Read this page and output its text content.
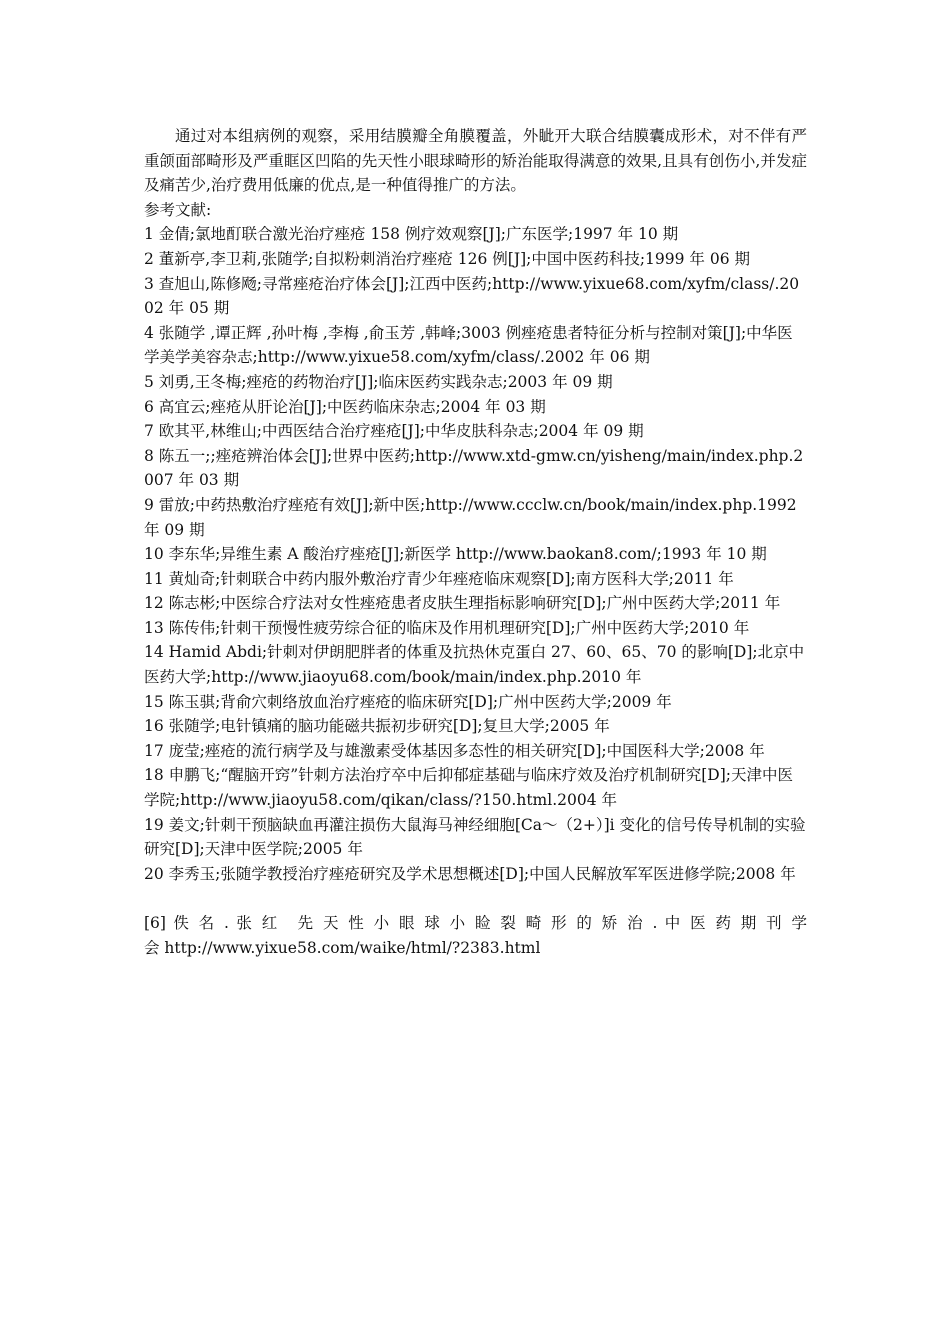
通过对本组病例的观察，采用结膜瓣全角膜覆盖，外眦开大联合结膜囊成形术，对不伴有严重颌面部畸形及严重眶区凹陷的先天性小眼球畸形的矫治能取得满意的效果,且具有创伤小,并发症及痛苦少,治疗费用低廉的优点,是一种值得推广的方法。

参考文献:

1 金倩;氯地酊联合激光治疗痤疮 158 例疗效观察[J];广东医学;1997 年 10 期

2 董新亭,李卫莉,张随学;自拟粉刺消治疗痤疮 126 例[J];中国中医药科技;1999 年 06 期

3 查旭山,陈修飏;寻常痤疮治疗体会[J];江西中医药;http://www.yixue68.com/xyfm/class/.2002 年 05 期

4 张随学 ,谭正辉 ,孙叶梅 ,李梅 ,俞玉芳 ,韩峰;3003 例痤疮患者特征分析与控制对策[J];中华医学美学美容杂志;http://www.yixue58.com/xyfm/class/.2002 年 06 期

5 刘勇,王冬梅;痤疮的药物治疗[J];临床医药实践杂志;2003 年 09 期

6 高宜云;痤疮从肝论治[J];中医药临床杂志;2004 年 03 期

7 欧其平,林维山;中西医结合治疗痤疮[J];中华皮肤科杂志;2004 年 09 期

8 陈五一;;痤疮辨治体会[J];世界中医药;http://www.xtd-gmw.cn/yisheng/main/index.php.2007 年 03 期

9 雷放;中药热敷治疗痤疮有效[J];新中医;http://www.ccclw.cn/book/main/index.php.1992 年 09 期

10 李东华;异维生素 A 酸治疗痤疮[J];新医学 http://www.baokan8.com/;1993 年 10 期

11 黄灿奇;针刺联合中药内服外敷治疗青少年痤疮临床观察[D];南方医科大学;2011 年

12 陈志彬;中医综合疗法对女性痤疮患者皮肤生理指标影响研究[D];广州中医药大学;2011 年

13 陈传伟;针刺干预慢性疲劳综合征的临床及作用机理研究[D];广州中医药大学;2010 年

14 Hamid Abdi;针刺对伊朗肥胖者的体重及抗热休克蛋白 27、60、65、70 的影响[D];北京中医药大学;http://www.jiaoyu68.com/book/main/index.php.2010 年

15 陈玉骐;背俞穴刺络放血治疗痤疮的临床研究[D];广州中医药大学;2009 年

16 张随学;电针镇痛的脑功能磁共振初步研究[D];复旦大学;2005 年

17 庞莹;痤疮的流行病学及与雄激素受体基因多态性的相关研究[D];中国医科大学;2008 年

18 申鹏飞;“醒脑开窍”针刺方法治疗卒中后抑郁症基础与临床疗效及治疗机制研究[D];天津中医学院;http://www.jiaoyu58.com/qikan/class/?150.html.2004 年

19 姜文;针刺干预脑缺血再灌注损伤大鼠海马神经细胞[Ca～（2+）]i 变化的信号传导机制的实验研究[D];天津中医学院;2005 年

20 李秀玉;张随学教授治疗痤疮研究及学术思想概述[D];中国人民解放军军医进修学院;2008 年

[6] 佚 名 . 张 红　先 天 性 小 眼 球 小 睑 裂 畸 形 的 矫 治 . 中 医 药 期 刊 学

会 http://www.yixue58.com/waike/html/?2383.html
